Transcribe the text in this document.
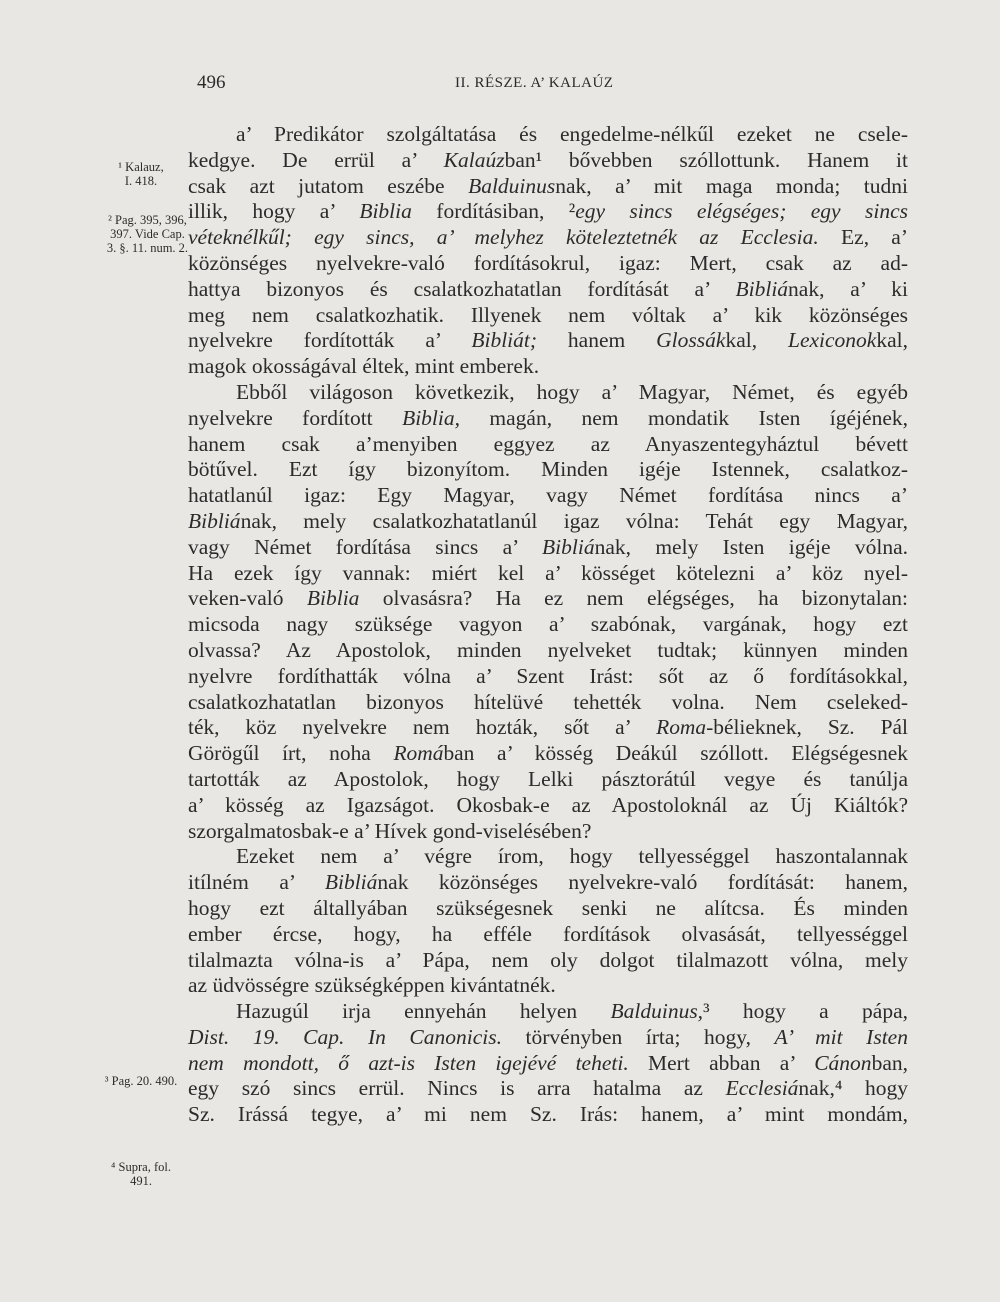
496	II. RÉSZE. A’ KALAÚZ
¹ Kalauz,
I. 418.
² Pag. 395, 396,
397. Vide Cap.
3. §. 11. num. 2.
³ Pag. 20. 490.
⁴ Supra, fol.
491.
a’ Predikátor szolgáltatása és engedelme-nélkűl ezeket ne csele-
kedgye. De errül a’ Kalaúzban¹ bővebben szóllottunk. Hanem it
csak azt jutatom eszébe Balduinusnak, a’ mit maga monda; tudni
illik, hogy a’ Biblia fordításiban, ²egy sincs elégséges; egy sincs
véteknélkűl; egy sincs, a’ melyhez köteleztetnék az Ecclesia. Ez, a’
közönséges nyelvekre-való fordításokrul, igaz: Mert, csak az ad-
hattya bizonyos és csalatkozhatatlan fordítását a’ Bibliának, a’ ki
meg nem csalatkozhatik. Illyenek nem vóltak a’ kik közönséges
nyelvekre fordították a’ Bibliát; hanem Glossákkal, Lexiconokkal,
magok okosságával éltek, mint emberek.
Ebből világoson következik, hogy a’ Magyar, Német, és egyéb
nyelvekre fordított Biblia, magán, nem mondatik Isten ígéjének,
hanem csak a’menyiben eggyez az Anyaszentegyháztul bévett
bötűvel. Ezt így bizonyítom. Minden igéje Istennek, csalatkoz-
hatatlanúl igaz: Egy Magyar, vagy Német fordítása nincs a’
Bibliának, mely csalatkozhatatlanúl igaz vólna: Tehát egy Magyar,
vagy Német fordítása sincs a’ Bibliának, mely Isten igéje vólna.
Ha ezek így vannak: miért kel a’ kösséget kötelezni a’ köz nyel-
veken-való Biblia olvasásra? Ha ez nem elégséges, ha bizonytalan:
micsoda nagy szüksége vagyon a’ szabónak, vargának, hogy ezt
olvassa? Az Apostolok, minden nyelveket tudtak; künnyen minden
nyelvre fordíthatták vólna a’ Szent Irást: sőt az ő fordításokkal,
csalatkozhatatlan bizonyos hítelüvé tehették volna. Nem cseleked-
ték, köz nyelvekre nem hozták, sőt a’ Roma-bélieknek, Sz. Pál
Görögűl írt, noha Romában a’ kösség Deákúl szóllott. Elégségesnek
tartották az Apostolok, hogy Lelki pásztorátúl vegye és tanúlja
a’ kösség az Igazságot. Okosbak-e az Apostoloknál az Új Kiáltók?
szorgalmatosbak-e a’ Hívek gond-viselésében?
Ezeket nem a’ végre írom, hogy tellyességgel haszontalannak
itílném a’ Bibliának közönséges nyelvekre-való fordítását: hanem,
hogy ezt általlyában szükségesnek senki ne alítcsa. És minden
ember ércse, hogy, ha efféle fordítások olvasását, tellyességgel
tilalmazta vólna-is a’ Pápa, nem oly dolgot tilalmazott vólna, mely
az üdvösségre szükségképpen kivántatnék.
Hazugúl irja ennyehán helyen Balduinus,³ hogy a pápa,
Dist. 19. Cap. In Canonicis. törvényben írta; hogy, A’ mit Isten
nem mondott, ő azt-is Isten igejévé teheti. Mert abban a’ Cánonban,
egy szó sincs errül. Nincs is arra hatalma az Ecclesiának,⁴ hogy
Sz. Irássá tegye, a’ mi nem Sz. Irás: hanem, a’ mint mondám,
